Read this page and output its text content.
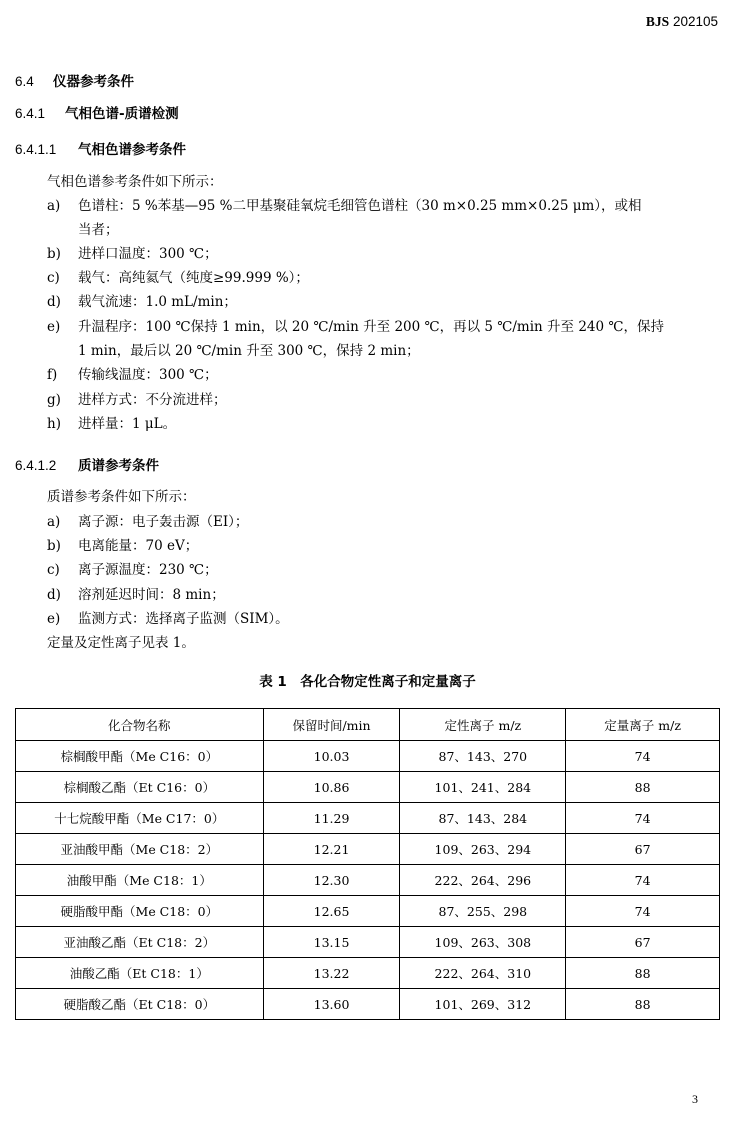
BJS 202105
6.4 仪器参考条件
6.4.1 气相色谱-质谱检测
6.4.1.1 气相色谱参考条件
气相色谱参考条件如下所示：
a) 色谱柱：5 %苯基—95 %二甲基聚硅氧烷毛细管色谱柱（30 m×0.25 mm×0.25 μm），或相
当者；
b) 进样口温度：300 ℃；
c) 载气：高纯氦气（纯度≥99.999 %）；
d) 载气流速：1.0 mL/min；
e) 升温程序：100 ℃保持 1 min，以 20 ℃/min 升至 200 ℃，再以 5 ℃/min 升至 240 ℃，保持
1 min，最后以 20 ℃/min 升至 300 ℃，保持 2 min；
f) 传输线温度：300 ℃；
g) 进样方式：不分流进样；
h) 进样量：1 μL。
6.4.1.2 质谱参考条件
质谱参考条件如下所示：
a) 离子源：电子轰击源（EI）；
b) 电离能量：70 eV；
c) 离子源温度：230 ℃；
d) 溶剂延迟时间：8 min；
e) 监测方式：选择离子监测（SIM）。
定量及定性离子见表 1。
表 1　各化合物定性离子和定量离子
化合物名称	保留时间/min	定性离子 m/z	定量离子 m/z
棕榈酸甲酯（Me C16：0）	10.03	87、143、270	74
棕榈酸乙酯（Et C16：0）	10.86	101、241、284	88
十七烷酸甲酯（Me C17：0）	11.29	87、143、284	74
亚油酸甲酯（Me C18：2）	12.21	109、263、294	67
油酸甲酯（Me C18：1）	12.30	222、264、296	74
硬脂酸甲酯（Me C18：0）	12.65	87、255、298	74
亚油酸乙酯（Et C18：2）	13.15	109、263、308	67
油酸乙酯（Et C18：1）	13.22	222、264、310	88
硬脂酸乙酯（Et C18：0）	13.60	101、269、312	88
3
